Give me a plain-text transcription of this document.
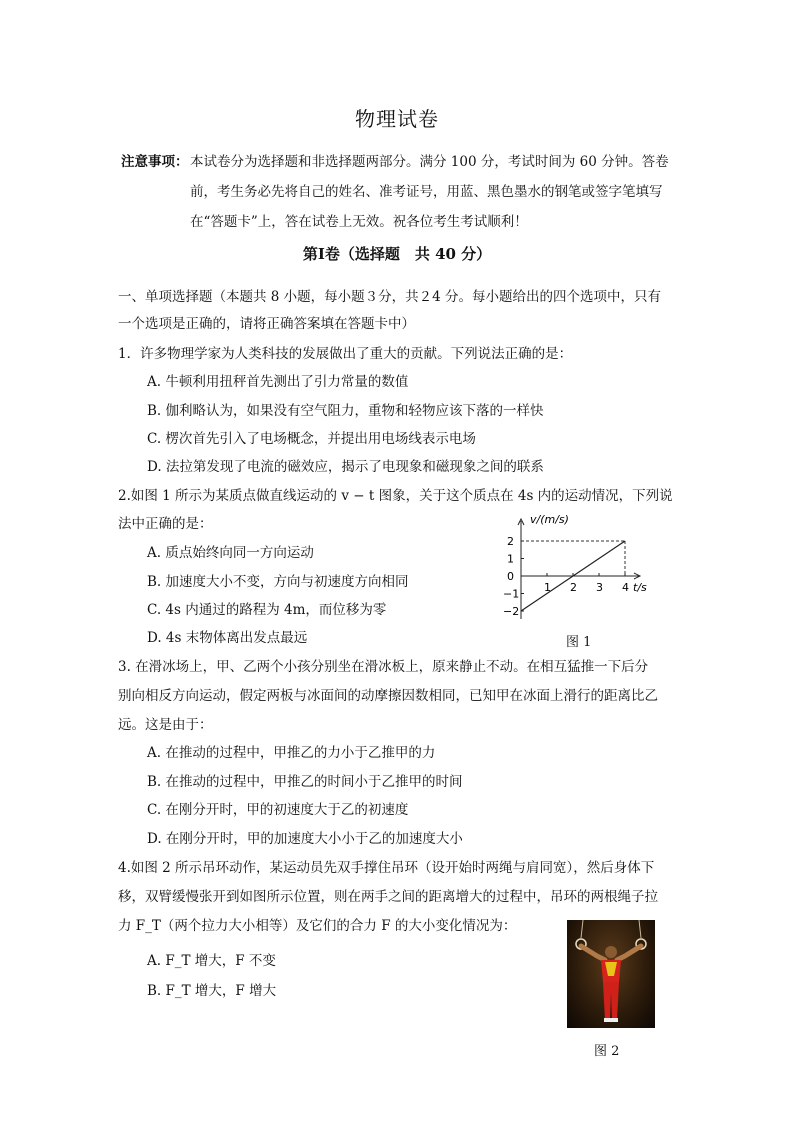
物理试卷
注意事项： 本试卷分为选择题和非选择题两部分。满分 100 分，考试时间为 60 分钟。答卷
前，考生务必先将自己的姓名、准考证号，用蓝、黑色墨水的钢笔或签字笔填写
在“答题卡”上，答在试卷上无效。祝各位考生考试顺利！
第Ⅰ卷（选择题　共 40 分）
一、单项选择题（本题共 8 小题，每小题３分，共２4 分。每小题给出的四个选项中，只有
一个选项是正确的，请将正确答案填在答题卡中）
1．许多物理学家为人类科技的发展做出了重大的贡献。下列说法正确的是：
A. 牛顿利用扭秤首先测出了引力常量的数值
B. 伽利略认为，如果没有空气阻力，重物和轻物应该下落的一样快
C. 楞次首先引入了电场概念，并提出用电场线表示电场
D. 法拉第发现了电流的磁效应，揭示了电现象和磁现象之间的联系
2.如图 1 所示为某质点做直线运动的 v − t 图象，关于这个质点在 4s 内的运动情况，下列说
法中正确的是：
A. 质点始终向同一方向运动
B. 加速度大小不变，方向与初速度方向相同
C. 4s 内通过的路程为 4m，而位移为零
D. 4s 末物体离出发点最远
1 2 3 4
2
1
0
−1
−2
v/(m/s)
t/s
图 1
3. 在滑冰场上，甲、乙两个小孩分别坐在滑冰板上，原来静止不动。在相互猛推一下后分
别向相反方向运动，假定两板与冰面间的动摩擦因数相同，已知甲在冰面上滑行的距离比乙
远。这是由于：
A. 在推动的过程中，甲推乙的力小于乙推甲的力
B. 在推动的过程中，甲推乙的时间小于乙推甲的时间
C. 在刚分开时，甲的初速度大于乙的初速度
D. 在刚分开时，甲的加速度大小小于乙的加速度大小
4.如图 2 所示吊环动作，某运动员先双手撑住吊环（设开始时两绳与肩同宽），然后身体下
移，双臂缓慢张开到如图所示位置，则在两手之间的距离增大的过程中，吊环的两根绳子拉
力 F_T（两个拉力大小相等）及它们的合力 F 的大小变化情况为：
A. F_T 增大，F 不变
B. F_T 增大，F 增大
图 2
